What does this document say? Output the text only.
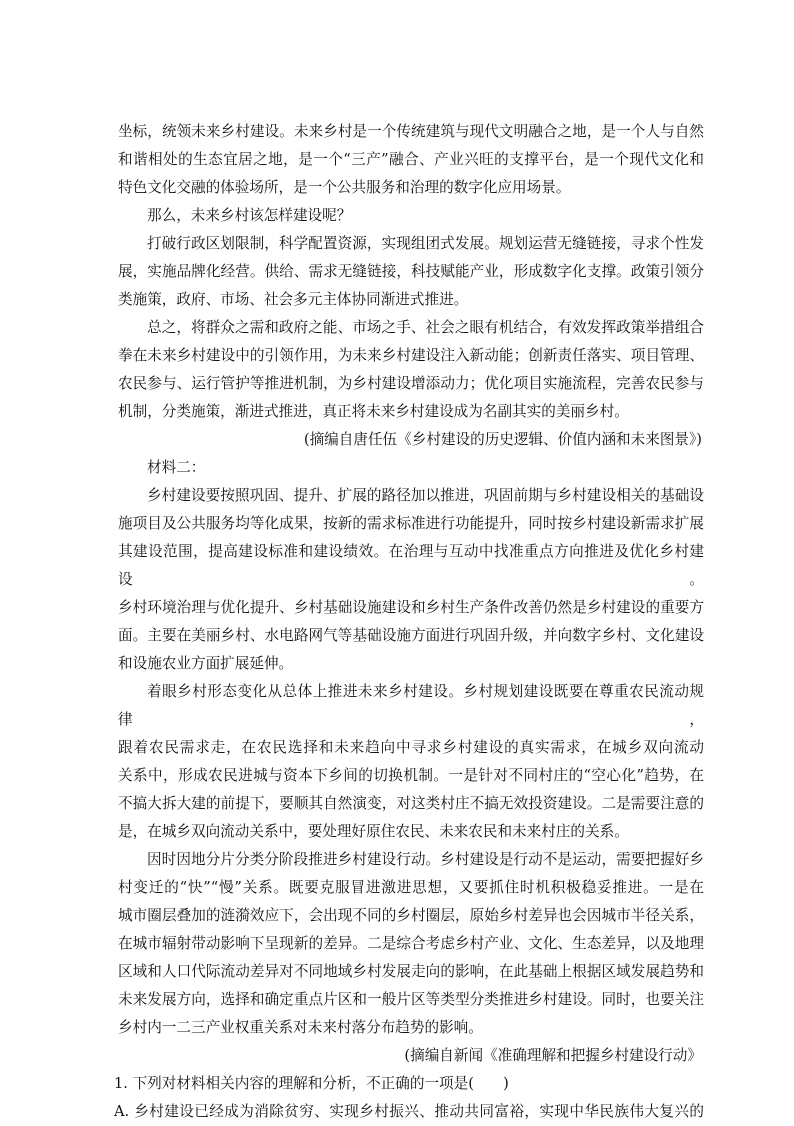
坐标，统领未来乡村建设。未来乡村是一个传统建筑与现代文明融合之地，是一个人与自然

和谐相处的生态宜居之地，是一个“三产”融合、产业兴旺的支撑平台，是一个现代文化和

特色文化交融的体验场所，是一个公共服务和治理的数字化应用场景。

那么，未来乡村该怎样建设呢？

打破行政区划限制，科学配置资源，实现组团式发展。规划运营无缝链接，寻求个性发

展，实施品牌化经营。供给、需求无缝链接，科技赋能产业，形成数字化支撑。政策引领分

类施策，政府、市场、社会多元主体协同渐进式推进。

总之，将群众之需和政府之能、市场之手、社会之眼有机结合，有效发挥政策举措组合

拳在未来乡村建设中的引领作用，为未来乡村建设注入新动能；创新责任落实、项目管理、

农民参与、运行管护等推进机制，为乡村建设增添动力；优化项目实施流程，完善农民参与

机制，分类施策，渐进式推进，真正将未来乡村建设成为名副其实的美丽乡村。

(摘编自唐任伍《乡村建设的历史逻辑、价值内涵和未来图景》)

材料二：

乡村建设要按照巩固、提升、扩展的路径加以推进，巩固前期与乡村建设相关的基础设

施项目及公共服务均等化成果，按新的需求标准进行功能提升，同时按乡村建设新需求扩展

其建设范围，提高建设标准和建设绩效。在治理与互动中找准重点方向推进及优化乡村建设。

乡村环境治理与优化提升、乡村基础设施建设和乡村生产条件改善仍然是乡村建设的重要方

面。主要在美丽乡村、水电路网气等基础设施方面进行巩固升级，并向数字乡村、文化建设

和设施农业方面扩展延伸。

着眼乡村形态变化从总体上推进未来乡村建设。乡村规划建设既要在尊重农民流动规律，

跟着农民需求走，在农民选择和未来趋向中寻求乡村建设的真实需求，在城乡双向流动

关系中，形成农民进城与资本下乡间的切换机制。一是针对不同村庄的“空心化”趋势，在

不搞大拆大建的前提下，要顺其自然演变，对这类村庄不搞无效投资建设。二是需要注意的

是，在城乡双向流动关系中，要处理好原住农民、未来农民和未来村庄的关系。

因时因地分片分类分阶段推进乡村建设行动。乡村建设是行动不是运动，需要把握好乡

村变迁的“快”“慢”关系。既要克服冒进激进思想，又要抓住时机积极稳妥推进。一是在

城市圈层叠加的涟漪效应下，会出现不同的乡村圈层，原始乡村差异也会因城市半径关系，

在城市辐射带动影响下呈现新的差异。二是综合考虑乡村产业、文化、生态差异，以及地理

区域和人口代际流动差异对不同地域乡村发展走向的影响，在此基础上根据区域发展趋势和

未来发展方向，选择和确定重点片区和一般片区等类型分类推进乡村建设。同时，也要关注

乡村内一二三产业权重关系对未来村落分布趋势的影响。

(摘编自新闻《准确理解和把握乡村建设行动》

1. 下列对材料相关内容的理解和分析，不正确的一项是(　　)

A. 乡村建设已经成为消除贫穷、实现乡村振兴、推动共同富裕，实现中华民族伟大复兴的
